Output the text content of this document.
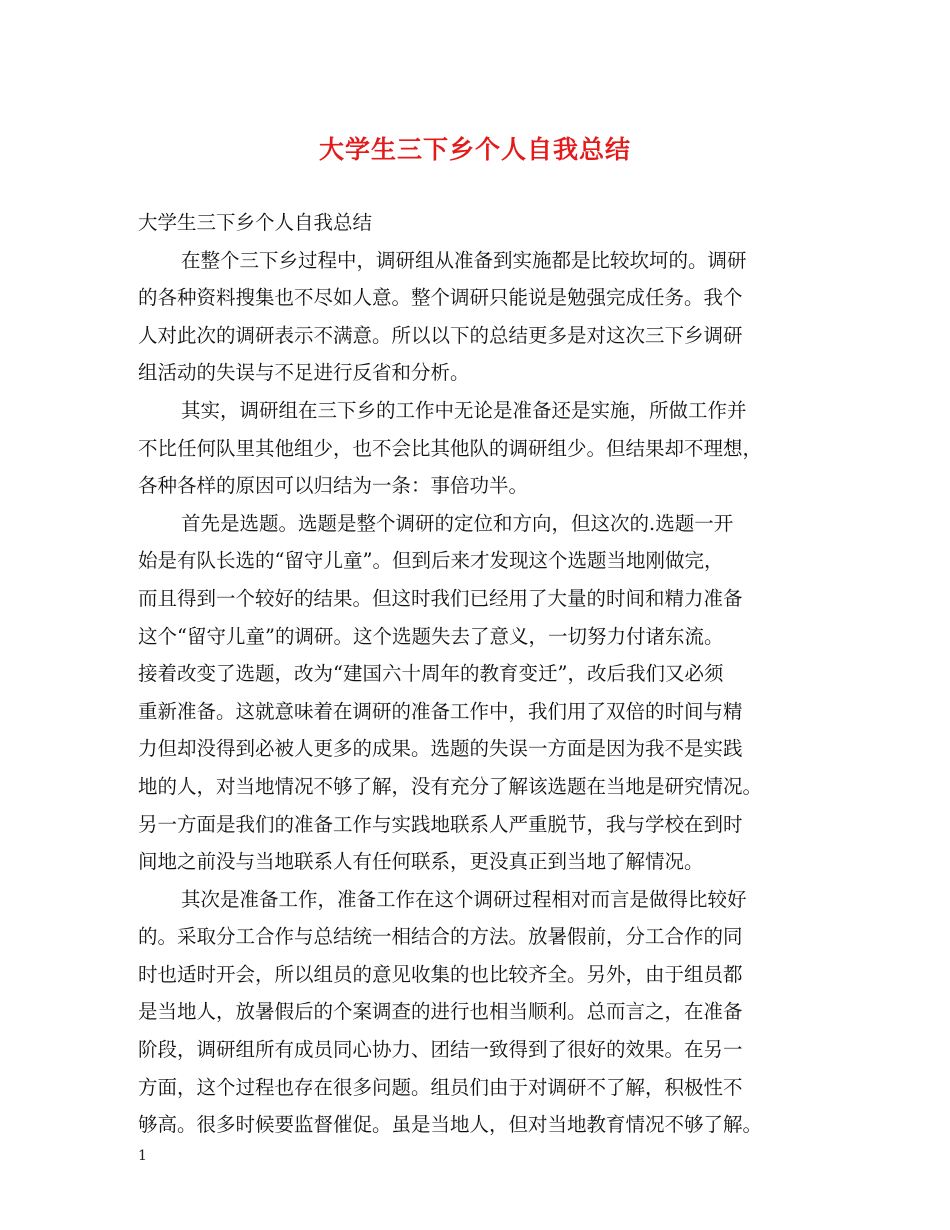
大学生三下乡个人自我总结
大学生三下乡个人自我总结
在整个三下乡过程中，调研组从准备到实施都是比较坎坷的。调研
的各种资料搜集也不尽如人意。整个调研只能说是勉强完成任务。我个
人对此次的调研表示不满意。所以以下的总结更多是对这次三下乡调研
组活动的失误与不足进行反省和分析。
其实，调研组在三下乡的工作中无论是准备还是实施，所做工作并
不比任何队里其他组少，也不会比其他队的调研组少。但结果却不理想，
各种各样的原因可以归结为一条：事倍功半。
首先是选题。选题是整个调研的定位和方向，但这次的.选题一开
始是有队长选的“留守儿童”。但到后来才发现这个选题当地刚做完，
而且得到一个较好的结果。但这时我们已经用了大量的时间和精力准备
这个“留守儿童”的调研。这个选题失去了意义，一切努力付诸东流。
接着改变了选题，改为“建国六十周年的教育变迁”，改后我们又必须
重新准备。这就意味着在调研的准备工作中，我们用了双倍的时间与精
力但却没得到必被人更多的成果。选题的失误一方面是因为我不是实践
地的人，对当地情况不够了解，没有充分了解该选题在当地是研究情况。
另一方面是我们的准备工作与实践地联系人严重脱节，我与学校在到时
间地之前没与当地联系人有任何联系，更没真正到当地了解情况。
其次是准备工作，准备工作在这个调研过程相对而言是做得比较好
的。采取分工合作与总结统一相结合的方法。放暑假前，分工合作的同
时也适时开会，所以组员的意见收集的也比较齐全。另外，由于组员都
是当地人，放暑假后的个案调查的进行也相当顺利。总而言之，在准备
阶段，调研组所有成员同心协力、团结一致得到了很好的效果。在另一
方面，这个过程也存在很多问题。组员们由于对调研不了解，积极性不
够高。很多时候要监督催促。虽是当地人，但对当地教育情况不够了解。
1
